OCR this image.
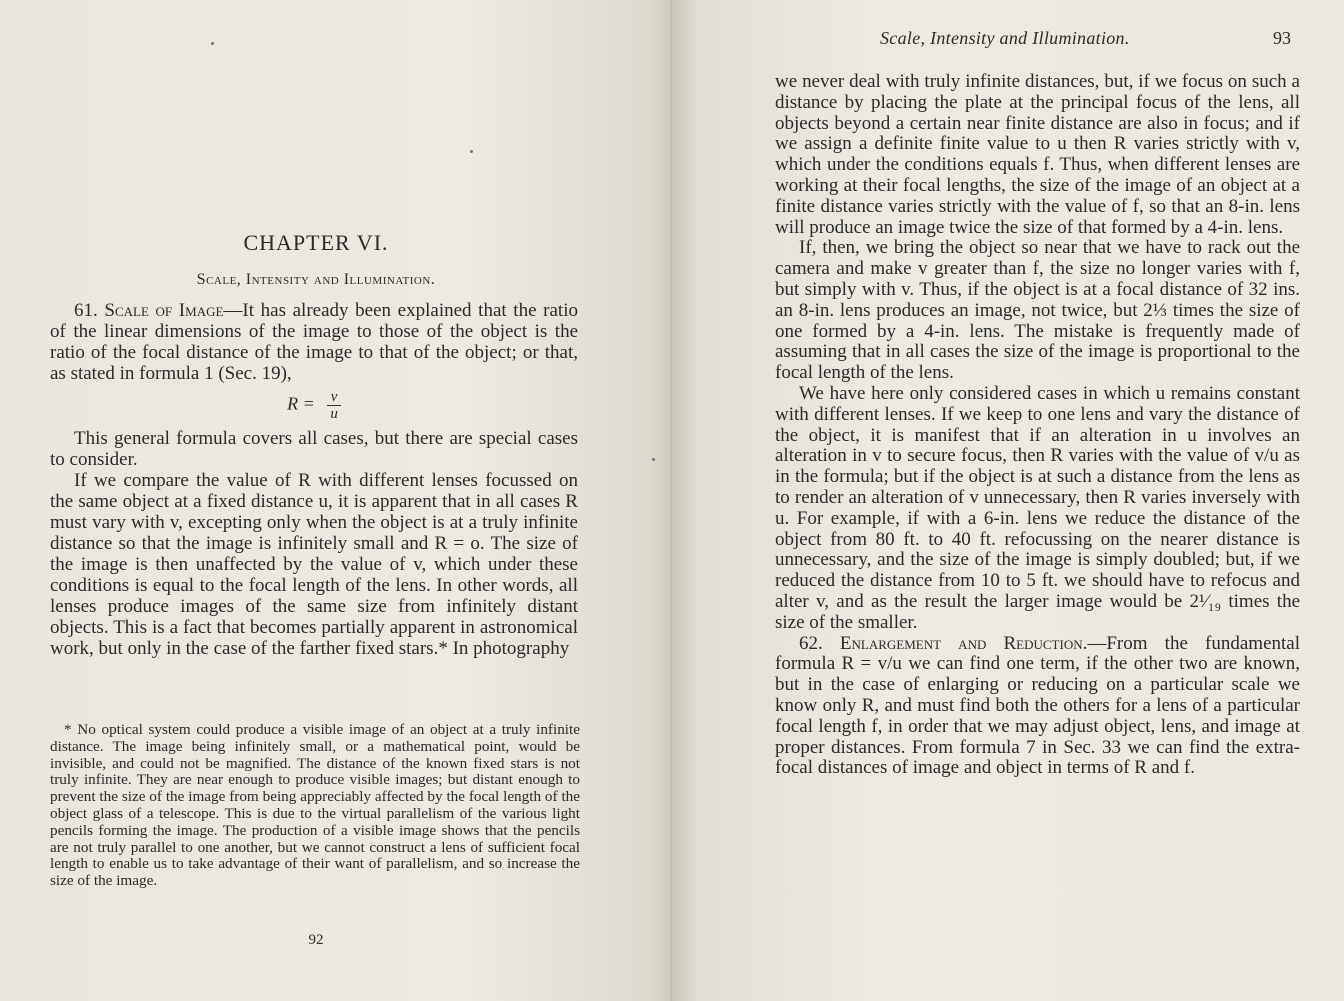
CHAPTER VI.
Scale, Intensity and Illumination.

61. Scale of Image—It has already been explained that the ratio of the linear dimensions of the image to those of the object is the ratio of the focal distance of the image to that of the object; or that, as stated in formula 1 (Sec. 19),

$R = \frac{v}{u}$

This general formula covers all cases, but there are special cases to consider.

If we compare the value of R with different lenses focussed on the same object at a fixed distance u, it is apparent that in all cases R must vary with v, excepting only when the object is at a truly infinite distance so that the image is infinitely small and R = o. The size of the image is then unaffected by the value of v, which under these conditions is equal to the focal length of the lens. In other words, all lenses produce images of the same size from infinitely distant objects. This is a fact that becomes partially apparent in astronomical work, but only in the case of the farther fixed stars.* In photography

* No optical system could produce a visible image of an object at a truly infinite distance. The image being infinitely small, or a mathematical point, would be invisible, and could not be magnified. The distance of the known fixed stars is not truly infinite. They are near enough to produce visible images; but distant enough to prevent the size of the image from being appreciably affected by the focal length of the object glass of a telescope. This is due to the virtual parallelism of the various light pencils forming the image. The production of a visible image shows that the pencils are not truly parallel to one another, but we cannot construct a lens of sufficient focal length to enable us to take advantage of their want of parallelism, and so increase the size of the image.

92
Scale, Intensity and Illumination.	93

we never deal with truly infinite distances, but, if we focus on such a distance by placing the plate at the principal focus of the lens, all objects beyond a certain near finite distance are also in focus; and if we assign a definite finite value to u then R varies strictly with v, which under the conditions equals f. Thus, when different lenses are working at their focal lengths, the size of the image of an object at a finite distance varies strictly with the value of f, so that an 8-in. lens will produce an image twice the size of that formed by a 4-in. lens.

If, then, we bring the object so near that we have to rack out the camera and make v greater than f, the size no longer varies with f, but simply with v. Thus, if the object is at a focal distance of 32 ins. an 8-in. lens produces an image, not twice, but 2⅓ times the size of one formed by a 4-in. lens. The mistake is frequently made of assuming that in all cases the size of the image is proportional to the focal length of the lens.

We have here only considered cases in which u remains constant with different lenses. If we keep to one lens and vary the distance of the object, it is manifest that if an alteration in u involves an alteration in v to secure focus, then R varies with the value of v/u as in the formula; but if the object is at such a distance from the lens as to render an alteration of v unnecessary, then R varies inversely with u. For example, if with a 6-in. lens we reduce the distance of the object from 80 ft. to 40 ft. refocussing on the nearer distance is unnecessary, and the size of the image is simply doubled; but, if we reduced the distance from 10 to 5 ft. we should have to refocus and alter v, and as the result the larger image would be 2¹⁄₁₉ times the size of the smaller.

62. Enlargement and Reduction.—From the fundamental formula R = v/u we can find one term, if the other two are known, but in the case of enlarging or reducing on a particular scale we know only R, and must find both the others for a lens of a particular focal length f, in order that we may adjust object, lens, and image at proper distances. From formula 7 in Sec. 33 we can find the extra-focal distances of image and object in terms of R and f.
